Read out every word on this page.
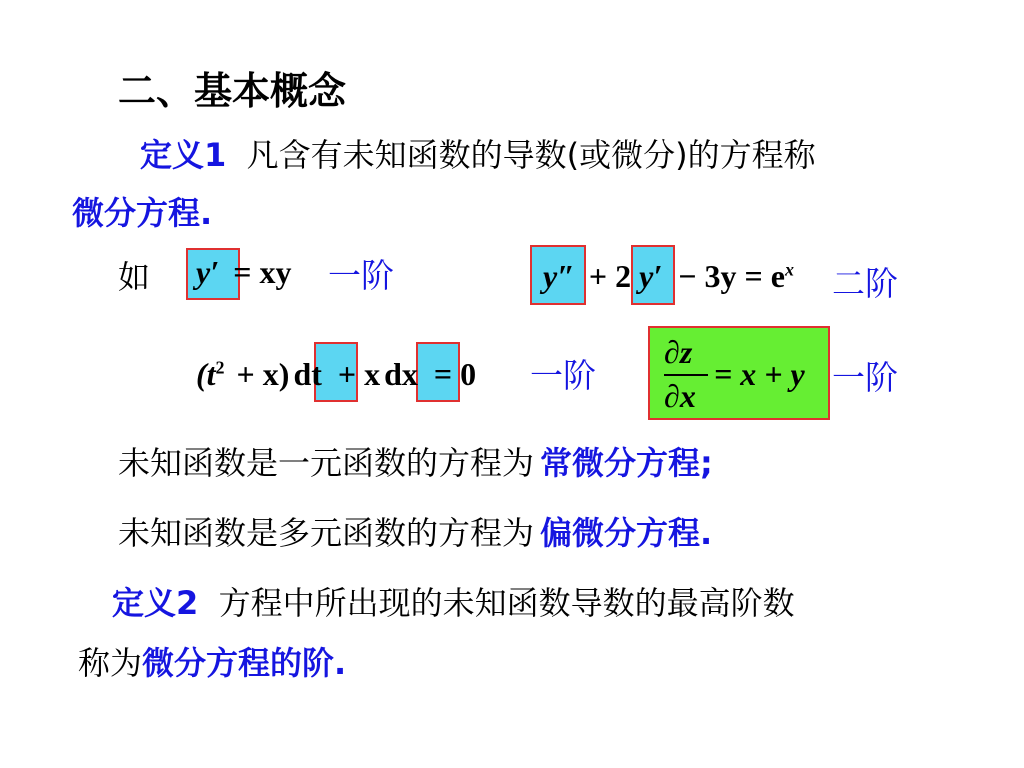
二、基本概念
定义1 凡含有未知函数的导数(或微分)的方程称
微分方程.
如 y′ = xy 一阶	y″ + 2 $y' - 3y = e^x$ 二阶
$(t^2 + x)$ dt + x dx = 0 一阶
∂z
∂x
= x + y 一阶
未知函数是一元函数的方程为 常微分方程;
未知函数是多元函数的方程为 偏微分方程.
定义2 方程中所出现的未知函数导数的最高阶数
称为微分方程的阶.
